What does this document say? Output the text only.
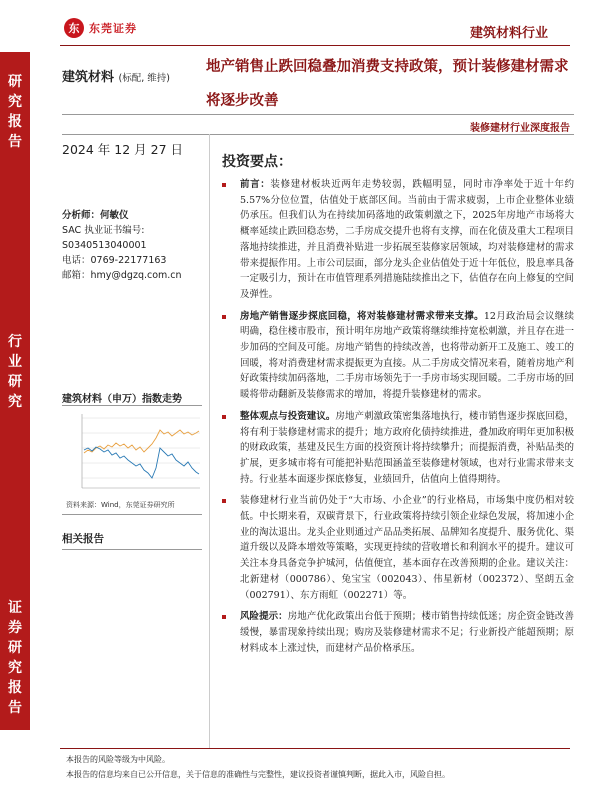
东 东莞证券	建筑材料行业
研究报告
行业研究
证券研究报告
建筑材料 (标配, 维持)
地产销售止跌回稳叠加消费支持政策，预计装修建材需求将逐步改善
装修建材行业深度报告
2024 年 12 月 27 日
分析师：何敏仪
SAC 执业证书编号:
S0340513040001
电话：0769-22177163
邮箱：hmy@dgzq.com.cn
建筑材料（申万）指数走势
资料来源：Wind，东莞证券研究所
相关报告
投资要点：
前言：装修建材板块近两年走势较弱，跌幅明显，同时市净率处于近十年约5.57%分位位置，估值处于底部区间。当前由于需求疲弱，上市企业整体业绩仍承压。但我们认为在持续加码落地的政策刺激之下，2025年房地产市场将大概率延续止跌回稳态势，二手房成交提升也将有支撑，而在化债及重大工程项目落地持续推进，并且消费补贴进一步拓展至装修家居领域，均对装修建材的需求带来提振作用。上市公司层面，部分龙头企业估值处于近十年低位，股息率具备一定吸引力，预计在市值管理系列措施陆续推出之下，估值存在向上修复的空间及弹性。
房地产销售逐步探底回稳，将对装修建材需求带来支撑。12月政治局会议继续明确，稳住楼市股市，预计明年房地产政策将继续维持宽松刺激，并且存在进一步加码的空间及可能。房地产销售的持续改善，也将带动新开工及施工、竣工的回暖，将对消费建材需求提振更为直接。从二手房成交情况来看，随着房地产利好政策持续加码落地，二手房市场领先于一手房市场实现回暖。二手房市场的回暖将带动翻新及装修需求的增加，将提升装修建材的需求。
整体观点与投资建议。房地产刺激政策密集落地执行，楼市销售逐步探底回稳，将有利于装修建材需求的提升；地方政府化债持续推进，叠加政府明年更加积极的财政政策，基建及民生方面的投资预计将持续攀升；而提振消费，补贴品类的扩展，更多城市将有可能把补贴范围涵盖至装修建材领域，也对行业需求带来支持。行业基本面逐步探底修复，业绩回升，估值向上值得期待。
装修建材行业当前仍处于“大市场、小企业”的行业格局，市场集中度仍相对较低。中长期来看，双碳背景下，行业政策将持续引领企业绿色发展，将加速小企业的淘汰退出。龙头企业则通过产品品类拓展、品牌知名度提升、服务优化、渠道升级以及降本增效等策略，实现更持续的营收增长和利润水平的提升。建议可关注本身具备竞争护城河，估值便宜，基本面存在改善预期的企业。建议关注：北新建材（000786）、兔宝宝（002043）、伟星新材（002372）、坚朗五金（002791）、东方雨虹（002271）等。
风险提示：房地产优化政策出台低于预期；楼市销售持续低迷；房企资金链改善缓慢，暴雷现象持续出现；购房及装修建材需求不足；行业新投产能超预期；原材料成本上涨过快，而建材产品价格承压。
本报告的风险等级为中风险。
本报告的信息均来自已公开信息，关于信息的准确性与完整性，建议投资者谨慎判断，据此入市，风险自担。
